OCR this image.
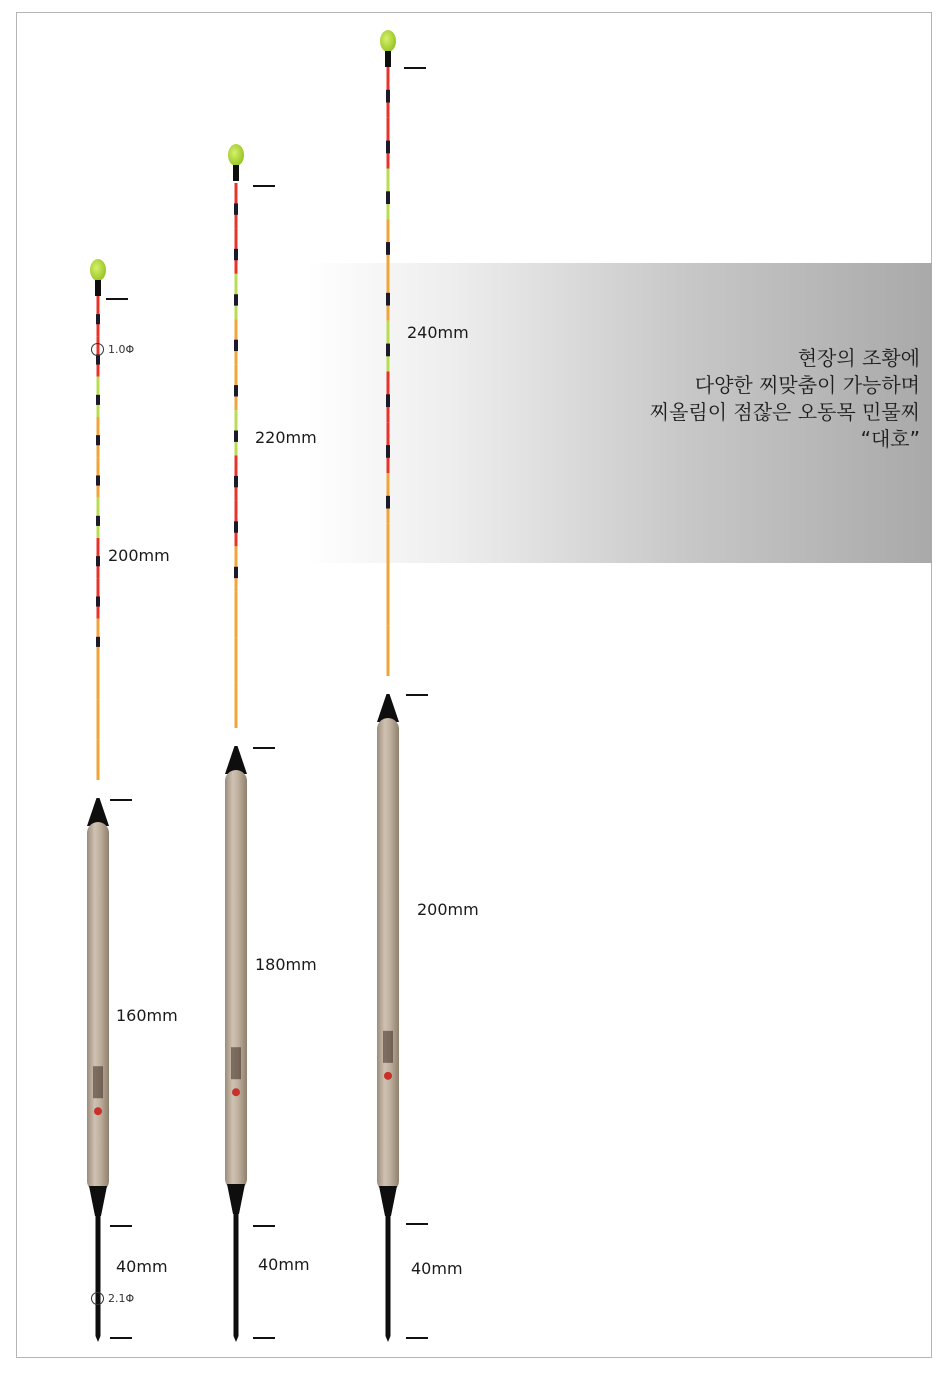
현장의 조황에
다양한 찌맞춤이 가능하며
찌올림이 점잖은 오동목 민물찌
“대호”
1.0Φ
2.1Φ
200mm
160mm
40mm
220mm
180mm
40mm
240mm
200mm
40mm
